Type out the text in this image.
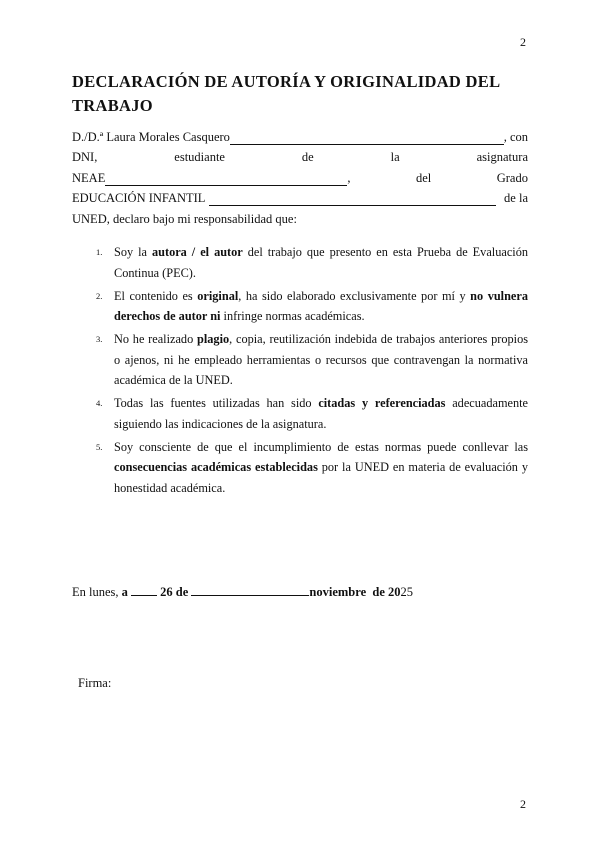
2
DECLARACIÓN DE AUTORÍA Y ORIGINALIDAD DEL TRABAJO
D./D.ª Laura Morales Casquero	, con
DNI,	estudiante	de	la	asignatura
NEAE	,	del	Grado
EDUCACIÓN INFANTIL	de la
UNED, declaro bajo mi responsabilidad que:
1. Soy la autora / el autor del trabajo que presento en esta Prueba de Evaluación Continua (PEC).
2. El contenido es original, ha sido elaborado exclusivamente por mí y no vulnera derechos de autor ni infringe normas académicas.
3. No he realizado plagio, copia, reutilización indebida de trabajos anteriores propios o ajenos, ni he empleado herramientas o recursos que contravengan la normativa académica de la UNED.
4. Todas las fuentes utilizadas han sido citadas y referenciadas adecuadamente siguiendo las indicaciones de la asignatura.
5. Soy consciente de que el incumplimiento de estas normas puede conllevar las consecuencias académicas establecidas por la UNED en materia de evaluación y honestidad académica.
En lunes, a	26 de	noviembre de 2025
Firma:
2
